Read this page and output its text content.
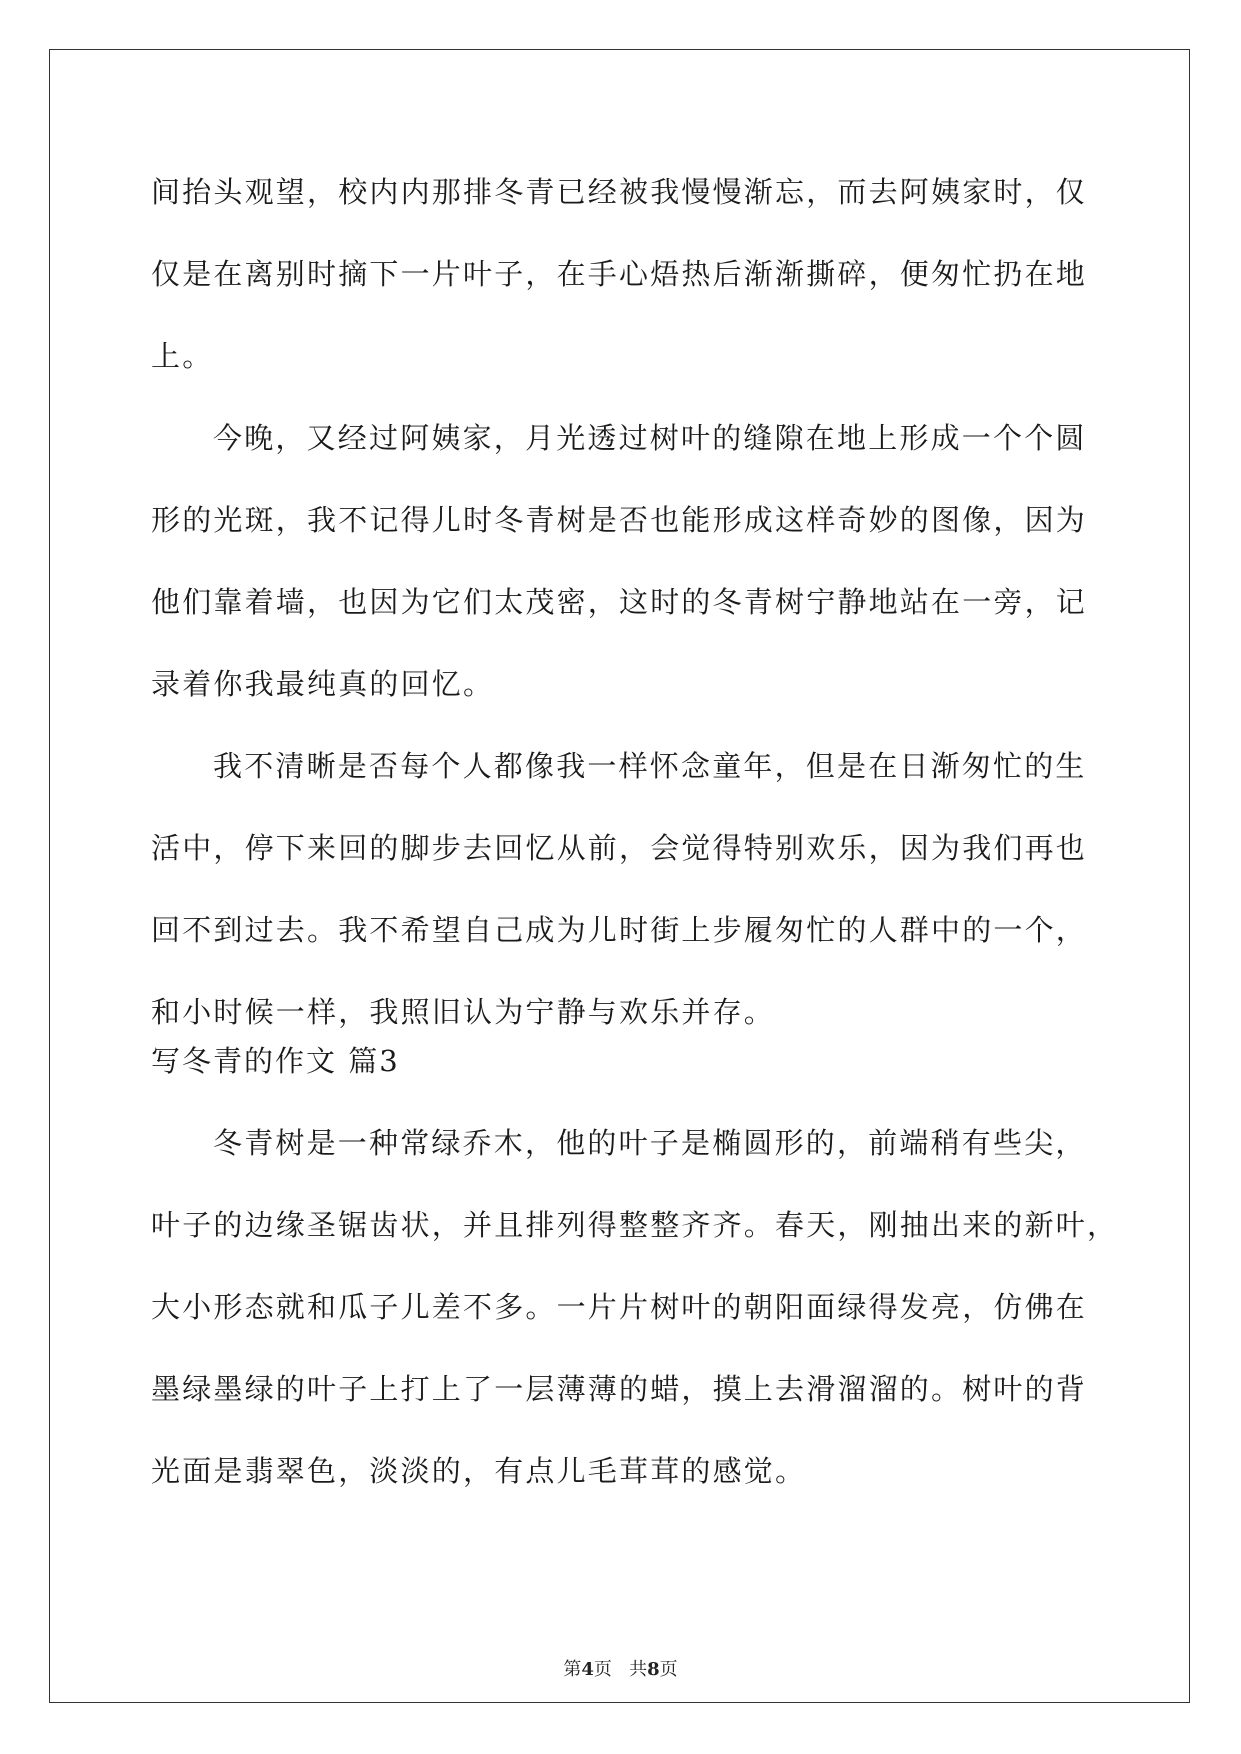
间抬头观望，校内内那排冬青已经被我慢慢渐忘，而去阿姨家时，仅
仅是在离别时摘下一片叶子，在手心焐热后渐渐撕碎，便匆忙扔在地
上。

今晚，又经过阿姨家，月光透过树叶的缝隙在地上形成一个个圆
形的光斑，我不记得儿时冬青树是否也能形成这样奇妙的图像，因为
他们靠着墙，也因为它们太茂密，这时的冬青树宁静地站在一旁，记
录着你我最纯真的回忆。

我不清晰是否每个人都像我一样怀念童年，但是在日渐匆忙的生
活中，停下来回的脚步去回忆从前，会觉得特别欢乐，因为我们再也
回不到过去。我不希望自己成为儿时街上步履匆忙的人群中的一个，
和小时候一样，我照旧认为宁静与欢乐并存。

写冬青的作文 篇3

冬青树是一种常绿乔木，他的叶子是椭圆形的，前端稍有些尖，
叶子的边缘圣锯齿状，并且排列得整整齐齐。春天，刚抽出来的新叶，
大小形态就和瓜子儿差不多。一片片树叶的朝阳面绿得发亮，仿佛在
墨绿墨绿的叶子上打上了一层薄薄的蜡，摸上去滑溜溜的。树叶的背
光面是翡翠色，淡淡的，有点儿毛茸茸的感觉。

第4页 共8页
